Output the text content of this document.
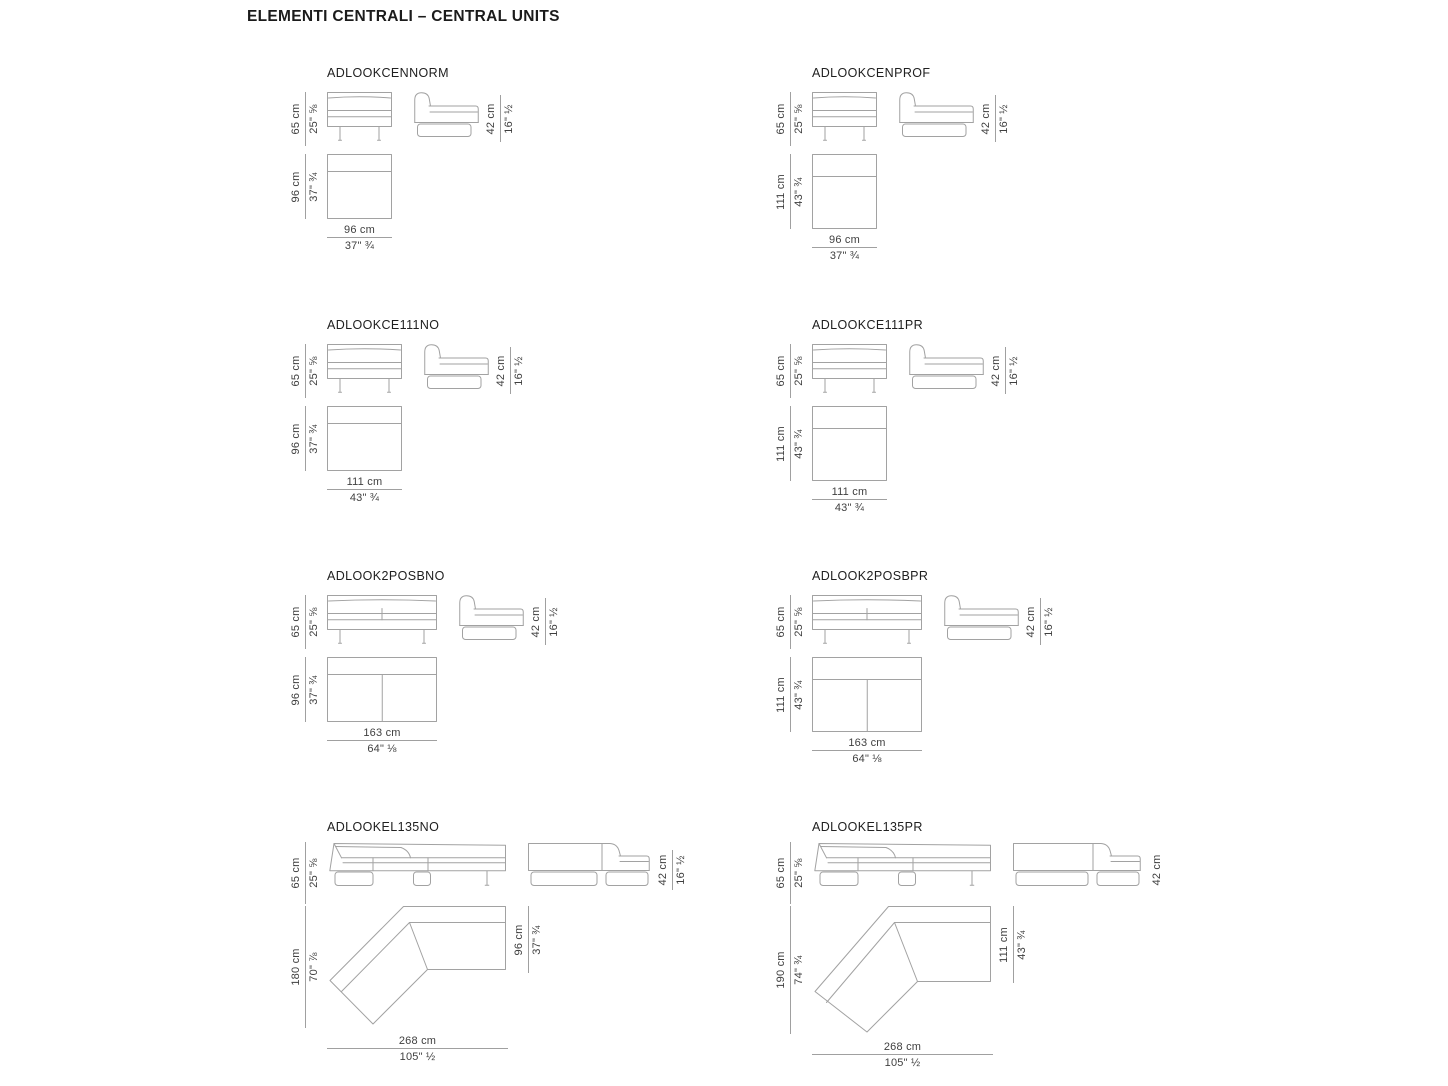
ELEMENTI CENTRALI – CENTRAL UNITS
ADLOOKCENNORM
65 cm 25" ⅝	42 cm 16" ½
96 cm 37" ¾
96 cm
37" ¾
ADLOOKCENPROF
65 cm 25" ⅝	42 cm 16" ½
111 cm 43" ¾
96 cm
37" ¾
ADLOOKCE111NO
65 cm 25" ⅝	42 cm 16" ½
96 cm 37" ¾
111 cm
43" ¾
ADLOOKCE111PR
65 cm 25" ⅝	42 cm 16" ½
111 cm 43" ¾
111 cm
43" ¾
ADLOOK2POSBNO
65 cm 25" ⅝	42 cm 16" ½
96 cm 37" ¾
163 cm
64" ⅛
ADLOOK2POSBPR
65 cm 25" ⅝	42 cm 16" ½
111 cm 43" ¾
163 cm
64" ⅛
ADLOOKEL135NO
65 cm 25" ⅝	42 cm 16" ½
180 cm 70" ⅞
96 cm 37" ¾
268 cm
105" ½
ADLOOKEL135PR
65 cm 25" ⅝	42 cm
190 cm 74" ¾
111 cm 43" ¾
268 cm
105" ½
